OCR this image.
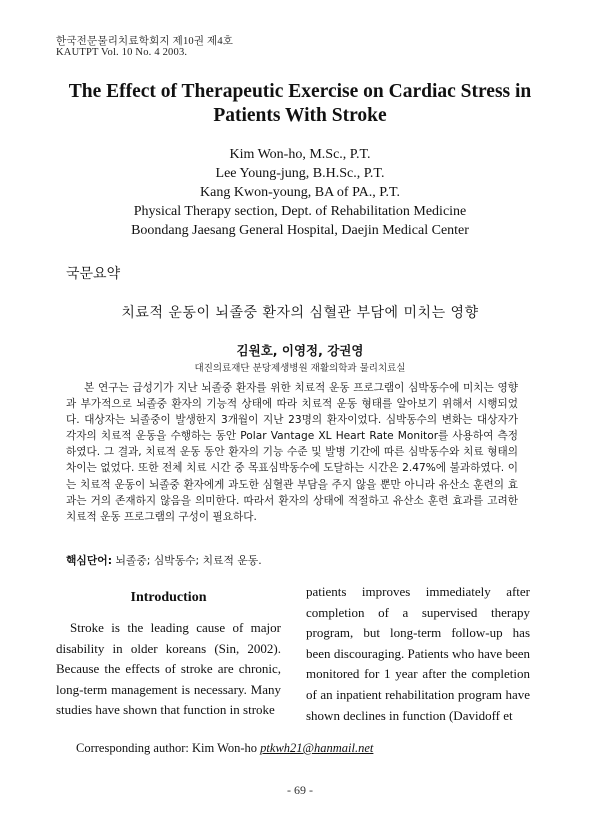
한국전문물리치료학회지 제10권 제4호
KAUTPT Vol. 10 No. 4 2003.
The Effect of Therapeutic Exercise on Cardiac Stress in
Patients With Stroke
Kim Won-ho, M.Sc., P.T.
Lee Young-jung, B.H.Sc., P.T.
Kang Kwon-young, BA of PA., P.T.
Physical Therapy section, Dept. of Rehabilitation Medicine
Boondang Jaesang General Hospital, Daejin Medical Center
국문요약
치료적 운동이 뇌졸중 환자의 심혈관 부담에 미치는 영향
김원호, 이영정, 강권영
대진의료재단 분당제생병원 재활의학과 물리치료실
본 연구는 급성기가 지난 뇌졸중 환자를 위한 치료적 운동 프로그램이 심박동수에 미치는 영향과 부가적으로 뇌졸중 환자의 기능적 상태에 따라 치료적 운동 형태를 알아보기 위해서 시행되었다. 대상자는 뇌졸중이 발생한지 3개월이 지난 23명의 환자이었다. 심박동수의 변화는 대상자가 각자의 치료적 운동을 수행하는 동안 Polar Vantage XL Heart Rate Monitor를 사용하여 측정하였다. 그 결과, 치료적 운동 동안 환자의 기능 수준 및 발병 기간에 따른 심박동수와 치료 형태의 차이는 없었다. 또한 전체 치료 시간 중 목표심박동수에 도달하는 시간은 2.47%에 불과하였다. 이는 치료적 운동이 뇌졸중 환자에게 과도한 심혈관 부담을 주지 않을 뿐만 아니라 유산소 훈련의 효과는 거의 존재하지 않음을 의미한다. 따라서 환자의 상태에 적절하고 유산소 훈련 효과를 고려한 치료적 운동 프로그램의 구성이 필요하다.
핵심단어: 뇌졸중; 심박동수; 치료적 운동.
Introduction
Stroke is the leading cause of major disability in older koreans (Sin, 2002). Because the effects of stroke are chronic, long-term management is necessary. Many studies have shown that function in stroke
patients improves immediately after completion of a supervised therapy program, but long-term follow-up has been discouraging. Patients who have been monitored for 1 year after the completion of an inpatient rehabilitation program have shown declines in function (Davidoff et
Corresponding author: Kim Won-ho ptkwh21@hanmail.net
- 69 -
